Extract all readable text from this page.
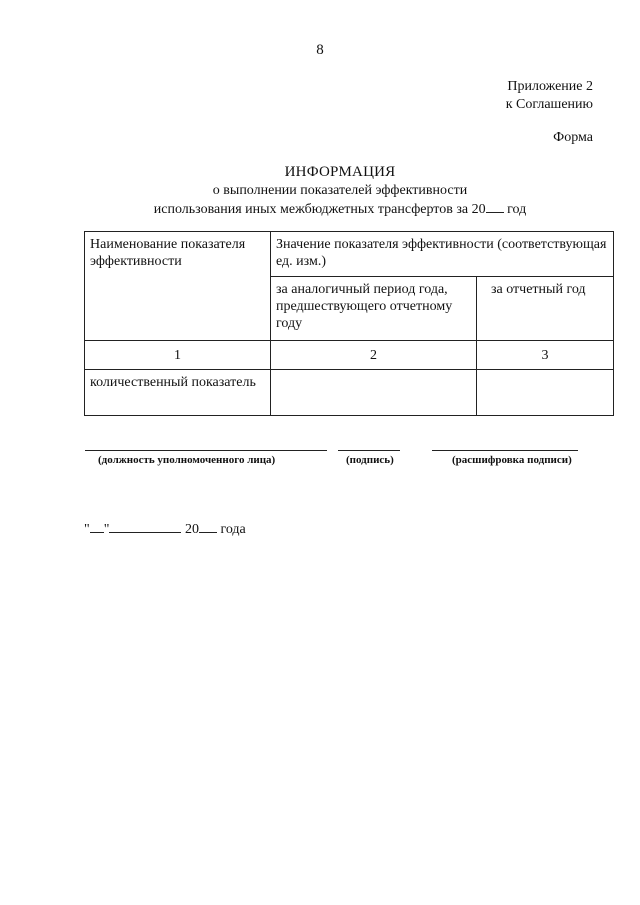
8
Приложение 2
к Соглашению
Форма
ИНФОРМАЦИЯ
о выполнении показателей эффективности
использования иных межбюджетных трансфертов за 20 год
Наименование показателя эффективности	Значение показателя эффективности (соответствующая ед. изм.)	
	за аналогичный период года, предшествующего отчетному году	за отчетный год
1	2	3
количественный показатель		
(должность уполномоченного лица)	(подпись)	(расшифровка подписи)
" "	20 года
